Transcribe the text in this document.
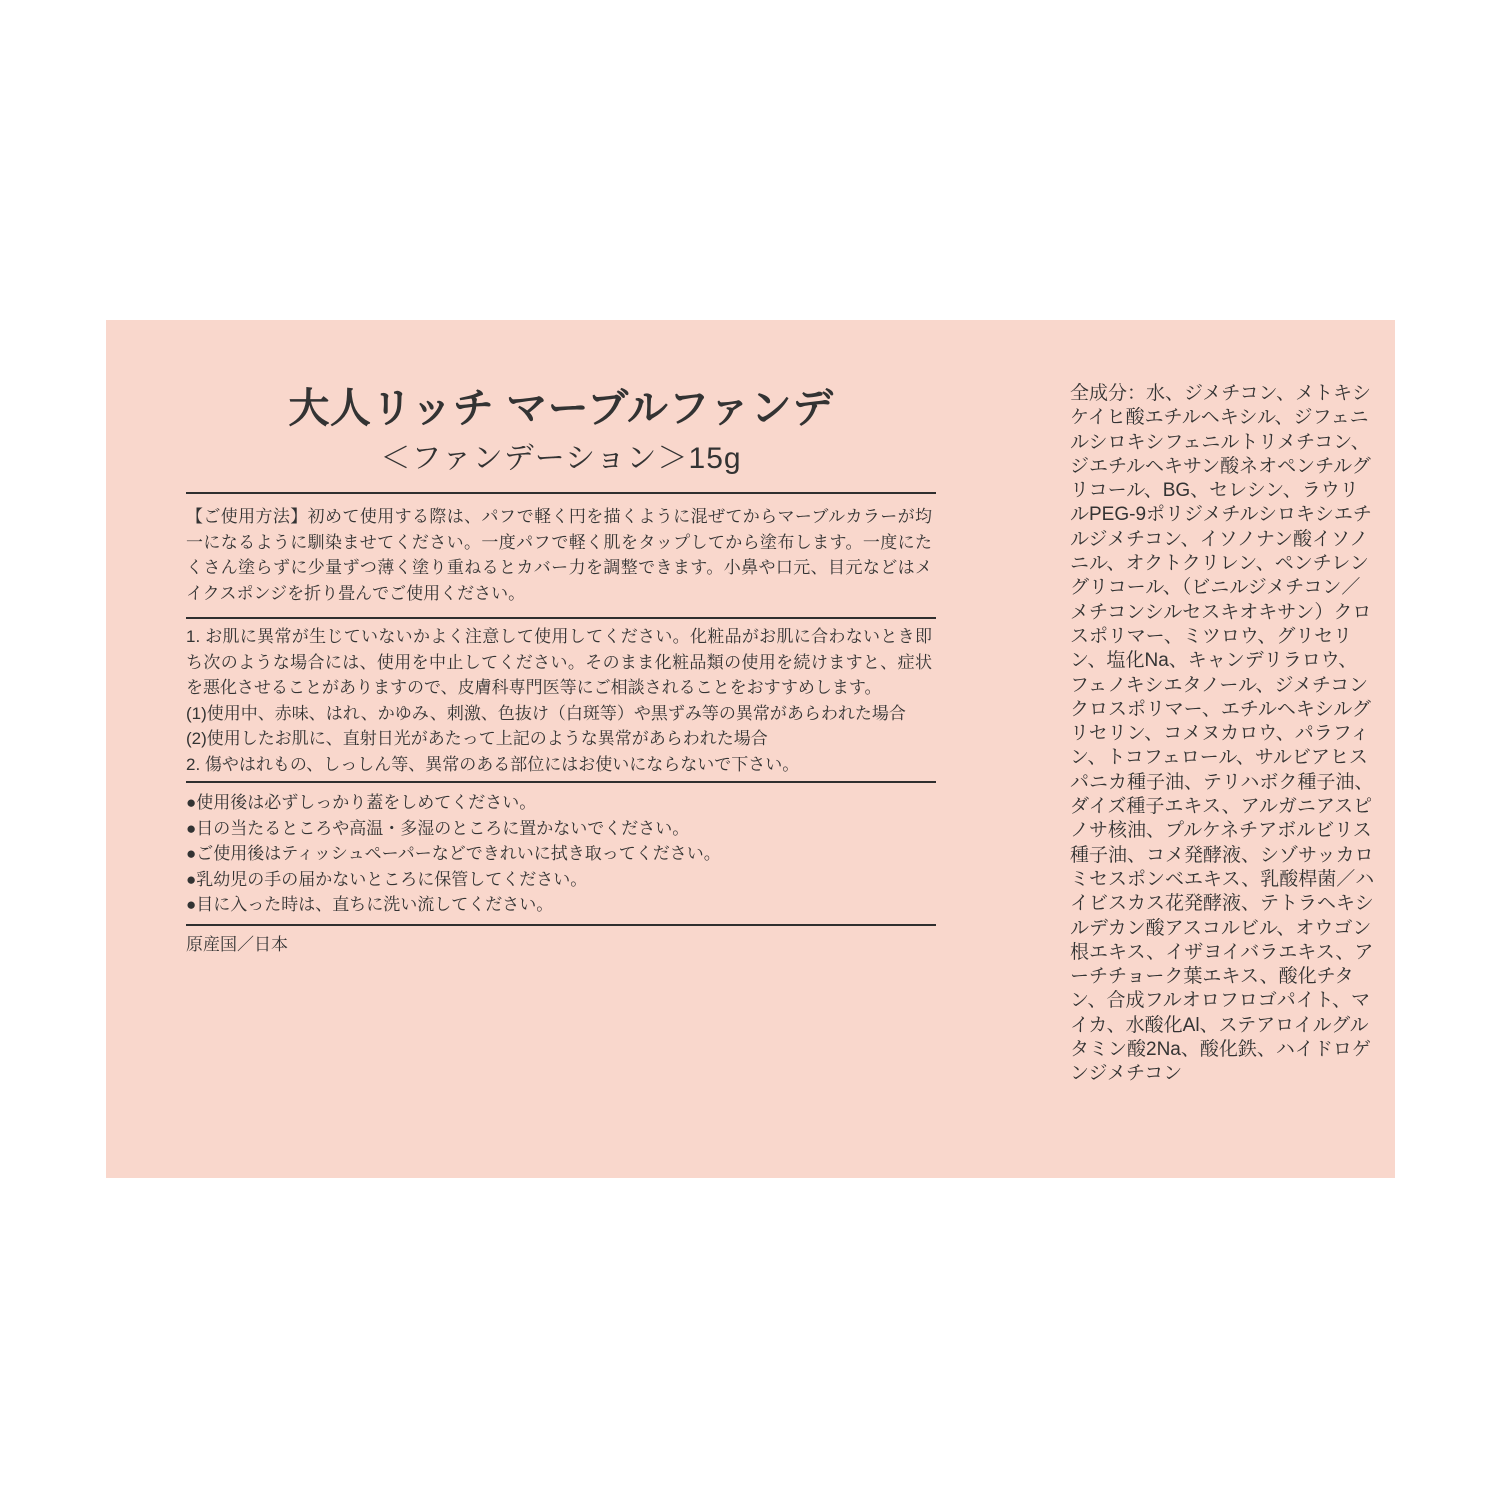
大人リッチ マーブルファンデ
＜ファンデーション＞15g

【ご使用方法】初めて使用する際は、パフで軽く円を描くように混ぜてからマーブルカラーが均一になるように馴染ませてください。一度パフで軽く肌をタップしてから塗布します。一度にたくさん塗らずに少量ずつ薄く塗り重ねるとカバー力を調整できます。小鼻や口元、目元などはメイクスポンジを折り畳んでご使用ください。

1. お肌に異常が生じていないかよく注意して使用してください。化粧品がお肌に合わないとき即ち次のような場合には、使用を中止してください。そのまま化粧品類の使用を続けますと、症状を悪化させることがありますので、皮膚科専門医等にご相談されることをおすすめします。

(1)使用中、赤味、はれ、かゆみ、刺激、色抜け（白斑等）や黒ずみ等の異常があらわれた場合

(2)使用したお肌に、直射日光があたって上記のような異常があらわれた場合

2. 傷やはれもの、しっしん等、異常のある部位にはお使いにならないで下さい。

●使用後は必ずしっかり蓋をしめてください。

●日の当たるところや高温・多湿のところに置かないでください。

●ご使用後はティッシュペーパーなどできれいに拭き取ってください。

●乳幼児の手の届かないところに保管してください。

●目に入った時は、直ちに洗い流してください。

原産国／日本

全成分：水、ジメチコン、メトキシケイヒ酸エチルヘキシル、ジフェニルシロキシフェニルトリメチコン、ジエチルヘキサン酸ネオペンチルグリコール、BG、セレシン、ラウリルPEG-9ポリジメチルシロキシエチルジメチコン、イソノナン酸イソノニル、オクトクリレン、ペンチレングリコール、（ビニルジメチコン／メチコンシルセスキオキサン）クロスポリマー、ミツロウ、グリセリン、塩化Na、キャンデリラロウ、フェノキシエタノール、ジメチコンクロスポリマー、エチルヘキシルグリセリン、コメヌカロウ、パラフィン、トコフェロール、サルビアヒスパニカ種子油、テリハボク種子油、ダイズ種子エキス、アルガニアスピノサ核油、プルケネチアボルビリス種子油、コメ発酵液、シゾサッカロミセスポンベエキス、乳酸桿菌／ハイビスカス花発酵液、テトラヘキシルデカン酸アスコルビル、オウゴン根エキス、イザヨイバラエキス、アーチチョーク葉エキス、酸化チタン、合成フルオロフロゴパイト、マイカ、水酸化Al、ステアロイルグルタミン酸2Na、酸化鉄、ハイドロゲンジメチコン
